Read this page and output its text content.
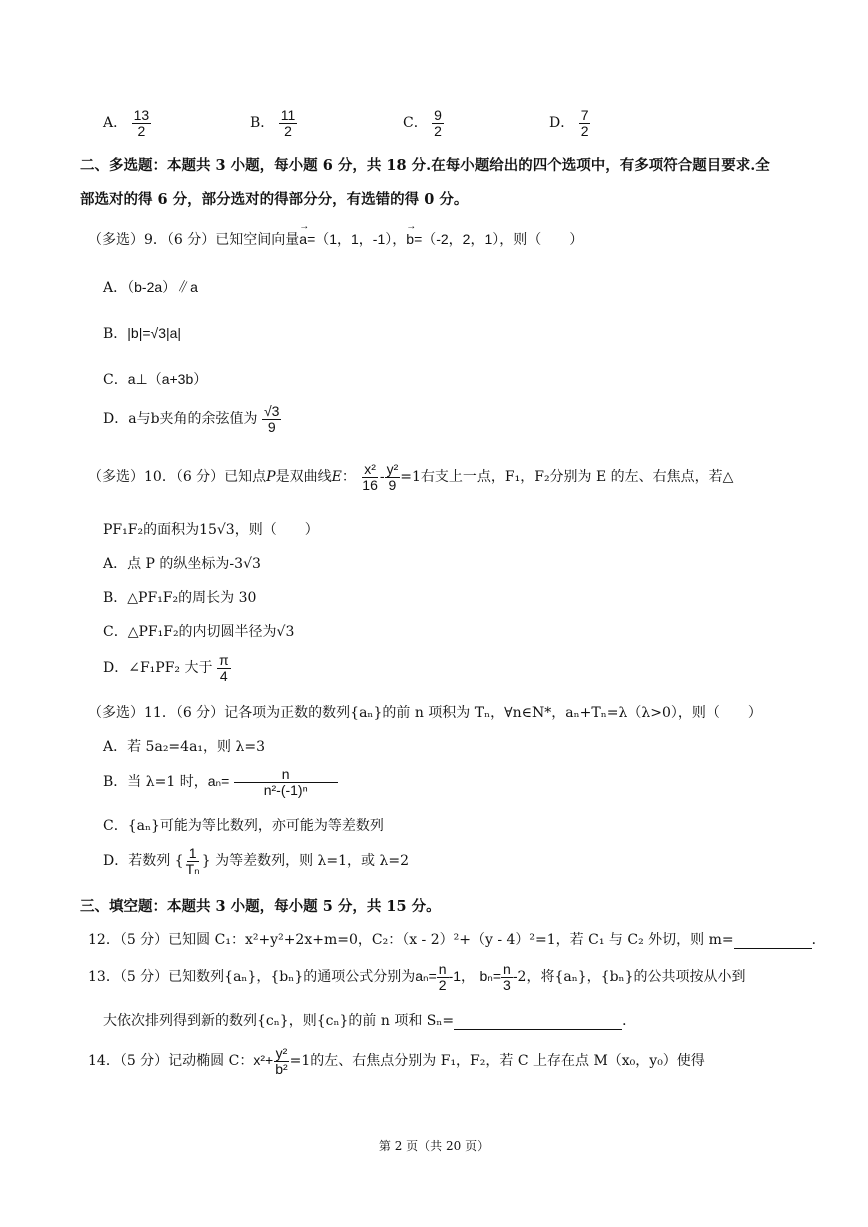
A． $\frac{13}{2}$	B． $\frac{11}{2}$	C． $\frac{9}{2}$	D． $\frac{7}{2}$
二、多选题：本题共 3 小题，每小题 6 分，共 18 分.在每小题给出的四个选项中，有多项符合题目要求.全
部选对的得 6 分，部分选对的得部分分，有选错的得 0 分。
（多选）9．（6 分）已知空间向量→ a=（1，1，-1），→ b=（-2，2，1），则（　　）
A．（b-2a）∥a
B．|b|=√3|a|
C．a⊥（a+3b）
D．a与b夹角的余弦值为 $\frac{√3}{9}$
（多选）10．（6 分）已知点P是双曲线E： $\frac{\text{x²}}{16} - \frac{\text{y²}}{9} =1$右支上一点，F₁，F₂分别为 E 的左、右焦点，若△
PF₁F₂的面积为15√3，则（　　）
A．点 P 的纵坐标为-3√3
B．△PF₁F₂的周长为 30
C．△PF₁F₂的内切圆半径为√3
D．∠F₁PF₂ 大于 $\frac{\pi}{4}$
（多选）11．（6 分）记各项为正数的数列{aₙ}的前 n 项积为 Tₙ，∀n∈N*，aₙ+Tₙ=λ（λ>0），则（　　）
A．若 5a₂=4a₁，则 λ=3
B．当 λ=1 时，$a_n= \frac{n}{\text{n²-(-1)ⁿ}}$
C．{aₙ}可能为等比数列，亦可能为等差数列
D．若数列 { $\frac{1}{\text{Tₙ}}$ } 为等差数列，则 λ=1，或 λ=2
三、填空题：本题共 3 小题，每小题 5 分，共 15 分。
12．（5 分）已知圆 C₁：x²+y²+2x+m=0，C₂：（x - 2）²+（y - 4）²=1，若 C₁ 与 C₂ 外切，则 m=	．
13．（5 分）已知数列{aₙ}，{bₙ}的通项公式分别为$a_n= \frac{n}{2} -1$， $b_n= \frac{n}{3} -2$，将{aₙ}，{bₙ}的公共项按从小到
大依次排列得到新的数列{cₙ}，则{cₙ}的前 n 项和 Sₙ=	．
14．（5 分）记动椭圆 C：$x^2+ \frac{\text{y²}}{\text{b²}} =1$的左、右焦点分别为 F₁，F₂，若 C 上存在点 M（x₀，y₀）使得
第 2 页（共 20 页）
